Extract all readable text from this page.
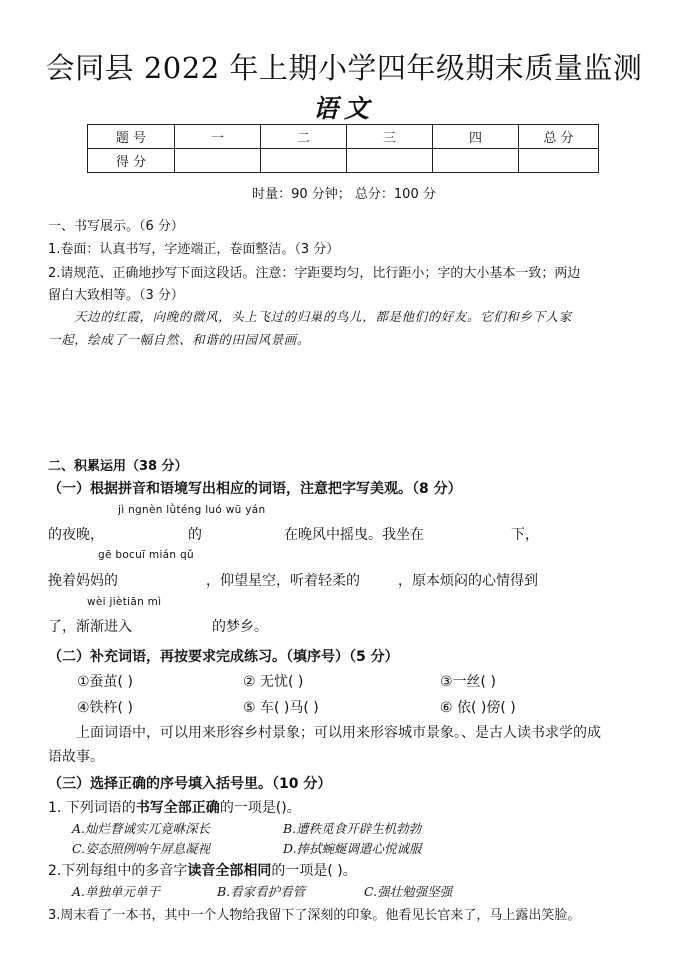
会同县 2022 年上期小学四年级期末质量监测
语文
题 号	一	二	三	四	总 分
得 分					
时量：90 分钟； 总分：100 分
一、书写展示。（6 分）
1.卷面：认真书写，字迹端正，卷面整洁。（3 分）
2.请规范、正确地抄写下面这段话。注意：字距要均匀，比行距小；字的大小基本一致；两边
留白大致相等。（3 分）
天边的红霞，向晚的微风，头上飞过的归巢的鸟儿，都是他们的好友。它们和乡下人家
一起，绘成了一幅自然、和谐的田园风景画。
二、积累运用（38 分）
（一）根据拼音和语境写出相应的词语，注意把字写美观。（8 分）
jì ngnèn lǜténg luó wū yán
的夜晚，	的	在晚风中摇曳。我坐在	下，
gē bocuī mián qǔ
挽着妈妈的	，仰望星空，听着轻柔的	，原本烦闷的心情得到
wèi jiètiān mì
了，渐渐进入	的梦乡。
（二）补充词语，再按要求完成练习。（填序号）（5 分）
①蚕茧( )	② 无忧( )	③一丝( )
④铁杵( )	⑤ 车( )马( )	⑥ 依( )傍( )
上面词语中，可以用来形容乡村景象；可以用来形容城市景象。、是古人读书求学的成
语故事。
（三）选择正确的序号填入括号里。（10 分）
1. 下列词语的书写全部正确的一项是()。
A.灿烂瞀诚实兀竟咻深长	B.遭秩觅食开辟生机勃勃
C.姿态照例响午屏息凝视	D.捧拭蜿蜒调遣心悦诚服
2.下列每组中的多音字读音全部相同的一项是( )。
A.单独单元单于	B.看家看护看管	C.强壮勉强坚强
3.周末看了一本书，其中一个人物给我留下了深刻的印象。他看见长官来了，马上露出笑脸。
